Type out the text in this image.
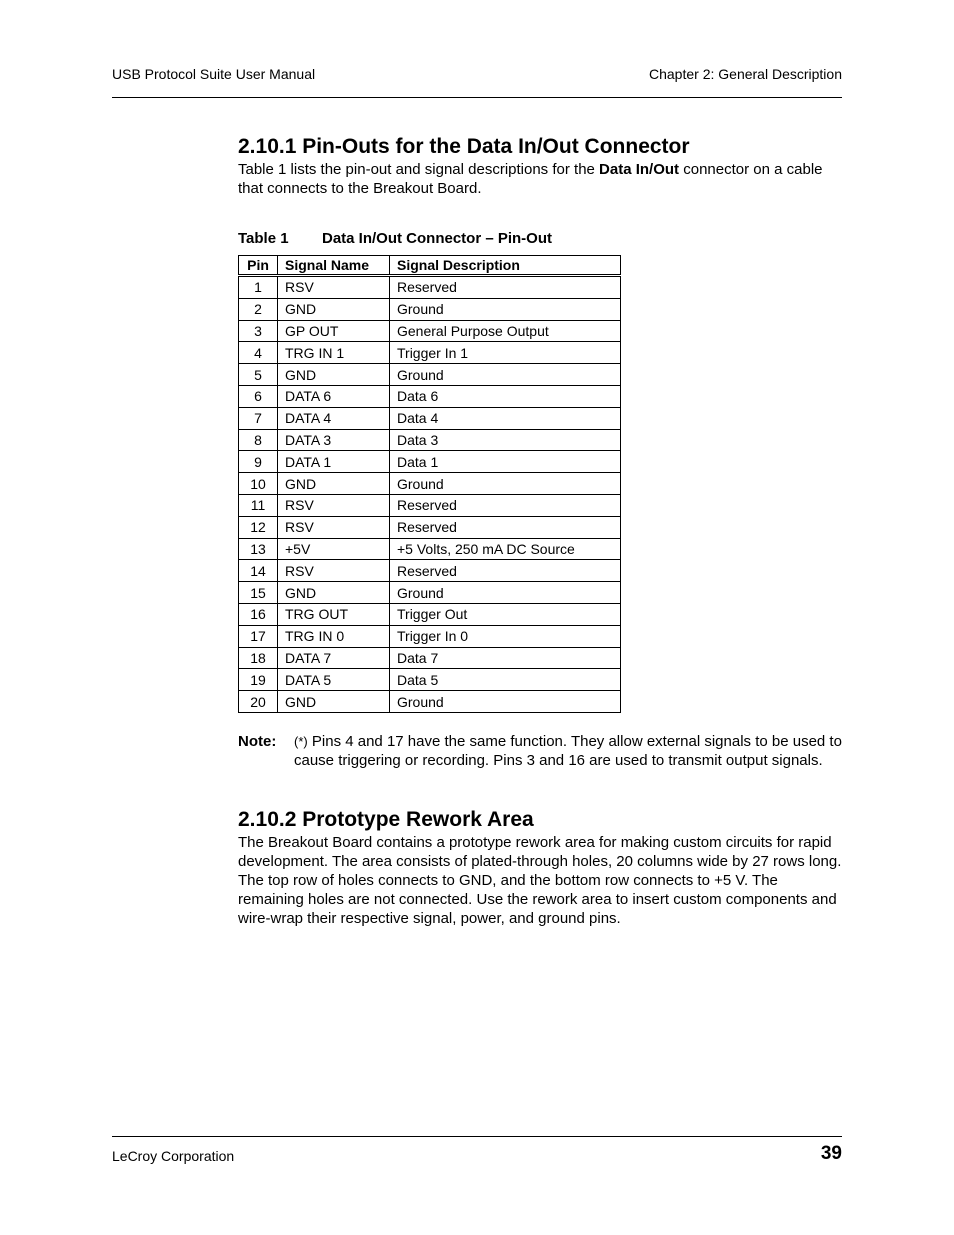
USB Protocol Suite User Manual	Chapter 2: General Description
2.10.1 Pin-Outs for the Data In/Out Connector

Table 1 lists the pin-out and signal descriptions for the Data In/Out connector on a cable that connects to the Breakout Board.

Table 1 Data In/Out Connector – Pin-Out
Pin	Signal Name	Signal Description
1	RSV	Reserved
2	GND	Ground
3	GP OUT	General Purpose Output
4	TRG IN 1	Trigger In 1
5	GND	Ground
6	DATA 6	Data 6
7	DATA 4	Data 4
8	DATA 3	Data 3
9	DATA 1	Data 1
10	GND	Ground
11	RSV	Reserved
12	RSV	Reserved
13	+5V	+5 Volts, 250 mA DC Source
14	RSV	Reserved
15	GND	Ground
16	TRG OUT	Trigger Out
17	TRG IN 0	Trigger In 0
18	DATA 7	Data 7
19	DATA 5	Data 5
20	GND	Ground
Note: (*) Pins 4 and 17 have the same function. They allow external signals to be used to cause triggering or recording. Pins 3 and 16 are used to transmit output signals.
2.10.2 Prototype Rework Area

The Breakout Board contains a prototype rework area for making custom circuits for rapid development. The area consists of plated-through holes, 20 columns wide by 27 rows long. The top row of holes connects to GND, and the bottom row connects to +5 V. The remaining holes are not connected. Use the rework area to insert custom components and wire-wrap their respective signal, power, and ground pins.

LeCroy Corporation	39
